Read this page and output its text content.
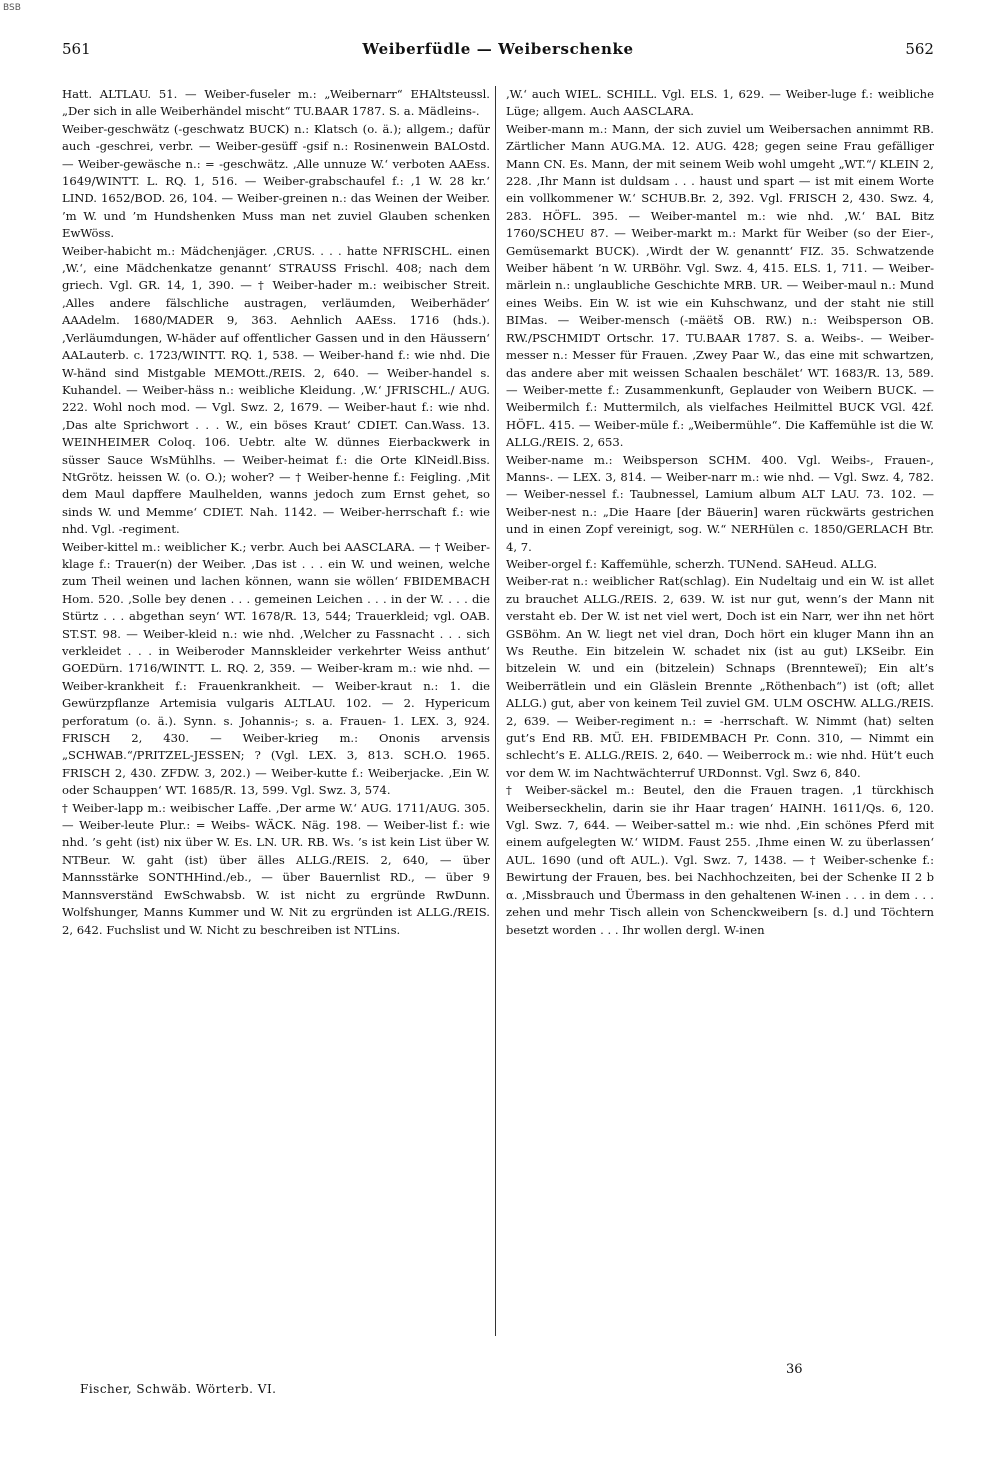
BSB
561	Weiberfüdle — Weiberschenke	562

Hatt. ALTLAU. 51. — Weiber-fuseler m.: „Weibernarr“ EHAltsteussl. „Der sich in alle Weiberhändel mischt“ TU.BAAR 1787. S. a. Mädleins-.

Weiber-geschwätz (-geschwatz BUCK) n.: Klatsch (o. ä.); allgem.; dafür auch -geschrei, verbr. — Weiber-gesüff -gsif n.: Rosinenwein BALOstd. — Weiber-gewäsche n.: = -geschwätz. ‚Alle unnuze W.‘ verboten AAEss. 1649/WINTT. L. RQ. 1, 516. — Weiber-grabschaufel f.: ‚1 W. 28 kr.‘ LIND. 1652/BOD. 26, 104. — Weiber-greinen n.: das Weinen der Weiber. ’m W. und ’m Hundshenken Muss man net zuviel Glauben schenken EwWöss.

Weiber-habicht m.: Mädchenjäger. ‚CRUS. . . . hatte NFRISCHL. einen ‚W.‘, eine Mädchenkatze genannt‘ STRAUSS Frischl. 408; nach dem griech. Vgl. GR. 14, 1, 390. — † Weiber-hader m.: weibischer Streit. ‚Alles andere fälschliche austragen, verläumden, Weiberhäder‘ AAAdelm. 1680/MADER 9, 363. Aehnlich AAEss. 1716 (hds.). ‚Verläumdungen, W-häder auf offentlicher Gassen und in den Häussern‘ AALauterb. c. 1723/WINTT. RQ. 1, 538. — Weiber-hand f.: wie nhd. Die W-händ sind Mistgable MEMOtt./REIS. 2, 640. — Weiber-handel s. Kuhandel. — Weiber-häss n.: weibliche Kleidung. ‚W.‘ JFRISCHL./ AUG. 222. Wohl noch mod. — Vgl. Swz. 2, 1679. — Weiber-haut f.: wie nhd. ‚Das alte Sprichwort . . . W., ein böses Kraut‘ CDIET. Can.Wass. 13. WEINHEIMER Coloq. 106. Uebtr. alte W. dünnes Eierbackwerk in süsser Sauce WsMühlhs. — Weiber-heimat f.: die Orte KlNeidl.Biss. NtGrötz. heissen W. (o. O.); woher? — † Weiber-henne f.: Feigling. ‚Mit dem Maul dapffere Maulhelden, wanns jedoch zum Ernst gehet, so sinds W. und Memme‘ CDIET. Nah. 1142. — Weiber-herrschaft f.: wie nhd. Vgl. -regiment.

Weiber-kittel m.: weiblicher K.; verbr. Auch bei AASCLARA. — † Weiber-klage f.: Trauer(n) der Weiber. ‚Das ist . . . ein W. und weinen, welche zum Theil weinen und lachen können, wann sie wöllen‘ FBIDEMBACH Hom. 520. ‚Solle bey denen . . . gemeinen Leichen . . . in der W. . . . die Stürtz . . . abgethan seyn‘ WT. 1678/R. 13, 544; Trauerkleid; vgl. OAB. ST.ST. 98. — Weiber-kleid n.: wie nhd. ‚Welcher zu Fassnacht . . . sich verkleidet . . . in Weiberoder Mannskleider verkehrter Weiss anthut‘ GOEDürn. 1716/WINTT. L. RQ. 2, 359. — Weiber-kram m.: wie nhd. — Weiber-krankheit f.: Frauenkrankheit. — Weiber-kraut n.: 1. die Gewürzpflanze Artemisia vulgaris ALTLAU. 102. — 2. Hypericum perforatum (o. ä.). Synn. s. Johannis-; s. a. Frauen- 1. LEX. 3, 924. FRISCH 2, 430. — Weiber-krieg m.: Ononis arvensis „SCHWAB.“/PRITZEL-JESSEN; ? (Vgl. LEX. 3, 813. SCH.O. 1965. FRISCH 2, 430. ZFDW. 3, 202.) — Weiber-kutte f.: Weiberjacke. ‚Ein W. oder Schauppen‘ WT. 1685/R. 13, 599. Vgl. Swz. 3, 574.

† Weiber-lapp m.: weibischer Laffe. ‚Der arme W.‘ AUG. 1711/AUG. 305. — Weiber-leute Plur.: = Weibs- WÄCK. Näg. 198. — Weiber-list f.: wie nhd. ’s geht (ist) nix über W. Es. LN. UR. RB. Ws. ’s ist kein List über W. NTBeur. W. gaht (ist) über älles ALLG./REIS. 2, 640, — über Mannsstärke SONTHHind./eb., — über Bauernlist RD., — über 9 Mannsverständ EwSchwabsb. W. ist nicht zu ergründe RwDunn. Wolfshunger, Manns Kummer und W. Nit zu ergründen ist ALLG./REIS. 2, 642. Fuchslist und W. Nicht zu beschreiben ist NTLins.

‚W.‘ auch WIEL. SCHILL. Vgl. ELS. 1, 629. — Weiber-luge f.: weibliche Lüge; allgem. Auch AASCLARA.

Weiber-mann m.: Mann, der sich zuviel um Weibersachen annimmt RB. Zärtlicher Mann AUG.MA. 12. AUG. 428; gegen seine Frau gefälliger Mann CN. Es. Mann, der mit seinem Weib wohl umgeht „WT.“/ KLEIN 2, 228. ‚Ihr Mann ist duldsam . . . haust und spart — ist mit einem Worte ein vollkommener W.‘ SCHUB.Br. 2, 392. Vgl. FRISCH 2, 430. Swz. 4, 283. HÖFL. 395. — Weiber-mantel m.: wie nhd. ‚W.‘ BAL Bitz 1760/SCHEU 87. — Weiber-markt m.: Markt für Weiber (so der Eier-, Gemüsemarkt BUCK). ‚Wirdt der W. genanntt‘ FIZ. 35. Schwatzende Weiber häbent ’n W. URBöhr. Vgl. Swz. 4, 415. ELS. 1, 711. — Weiber-märlein n.: unglaubliche Geschichte MRB. UR. — Weiber-maul n.: Mund eines Weibs. Ein W. ist wie ein Kuhschwanz, und der staht nie still BIMas. — Weiber-mensch (-mäëtš OB. RW.) n.: Weibsperson OB. RW./PSCHMIDT Ortschr. 17. TU.BAAR 1787. S. a. Weibs-. — Weiber-messer n.: Messer für Frauen. ‚Zwey Paar W., das eine mit schwartzen, das andere aber mit weissen Schaalen beschälet‘ WT. 1683/R. 13, 589. — Weiber-mette f.: Zusammenkunft, Geplauder von Weibern BUCK. — Weibermilch f.: Muttermilch, als vielfaches Heilmittel BUCK VGl. 42f. HÖFL. 415. — Weiber-müle f.: „Weibermühle“. Die Kaffemühle ist die W. ALLG./REIS. 2, 653.

Weiber-name m.: Weibsperson SCHM. 400. Vgl. Weibs-, Frauen-, Manns-. — LEX. 3, 814. — Weiber-narr m.: wie nhd. — Vgl. Swz. 4, 782. — Weiber-nessel f.: Taubnessel, Lamium album ALT LAU. 73. 102. — Weiber-nest n.: „Die Haare [der Bäuerin] waren rückwärts gestrichen und in einen Zopf vereinigt, sog. W.“ NERHülen c. 1850/GERLACH Btr. 4, 7.

Weiber-orgel f.: Kaffemühle, scherzh. TUNend. SAHeud. ALLG.

Weiber-rat n.: weiblicher Rat(schlag). Ein Nudeltaig und ein W. ist allet zu brauchet ALLG./REIS. 2, 639. W. ist nur gut, wenn’s der Mann nit verstaht eb. Der W. ist net viel wert, Doch ist ein Narr, wer ihn net hört GSBöhm. An W. liegt net viel dran, Doch hört ein kluger Mann ihn an Ws Reuthe. Ein bitzelein W. schadet nix (ist au gut) LKSeibr. Ein bitzelein W. und ein (bitzelein) Schnaps (Brennteweï); Ein alt’s Weiberrätlein und ein Gläslein Brennte „Röthenbach“) ist (oft; allet ALLG.) gut, aber von keinem Teil zuviel GM. ULM OSCHW. ALLG./REIS. 2, 639. — Weiber-regiment n.: = -herrschaft. W. Nimmt (hat) selten gut’s End RB. MÜ. EH. FBIDEMBACH Pr. Conn. 310, — Nimmt ein schlecht’s E. ALLG./REIS. 2, 640. — Weiberrock m.: wie nhd. Hüt’t euch vor dem W. im Nachtwächterruf URDonnst. Vgl. Swz 6, 840.

† Weiber-säckel m.: Beutel, den die Frauen tragen. ‚1 türckhisch Weiberseckhelin, darin sie ihr Haar tragen‘ HAINH. 1611/Qs. 6, 120. Vgl. Swz. 7, 644. — Weiber-sattel m.: wie nhd. ‚Ein schönes Pferd mit einem aufgelegten W.‘ WIDM. Faust 255. ‚Ihme einen W. zu überlassen‘ AUL. 1690 (und oft AUL.). Vgl. Swz. 7, 1438. — † Weiber-schenke f.: Bewirtung der Frauen, bes. bei Nachhochzeiten, bei der Schenke II 2 b α. ‚Missbrauch und Übermass in den gehaltenen W-inen . . . in dem . . . zehen und mehr Tisch allein von Schenckweibern [s. d.] und Töchtern besetzt worden . . . Ihr wollen dergl. W-inen

Fischer, Schwäb. Wörterb. VI.
36
